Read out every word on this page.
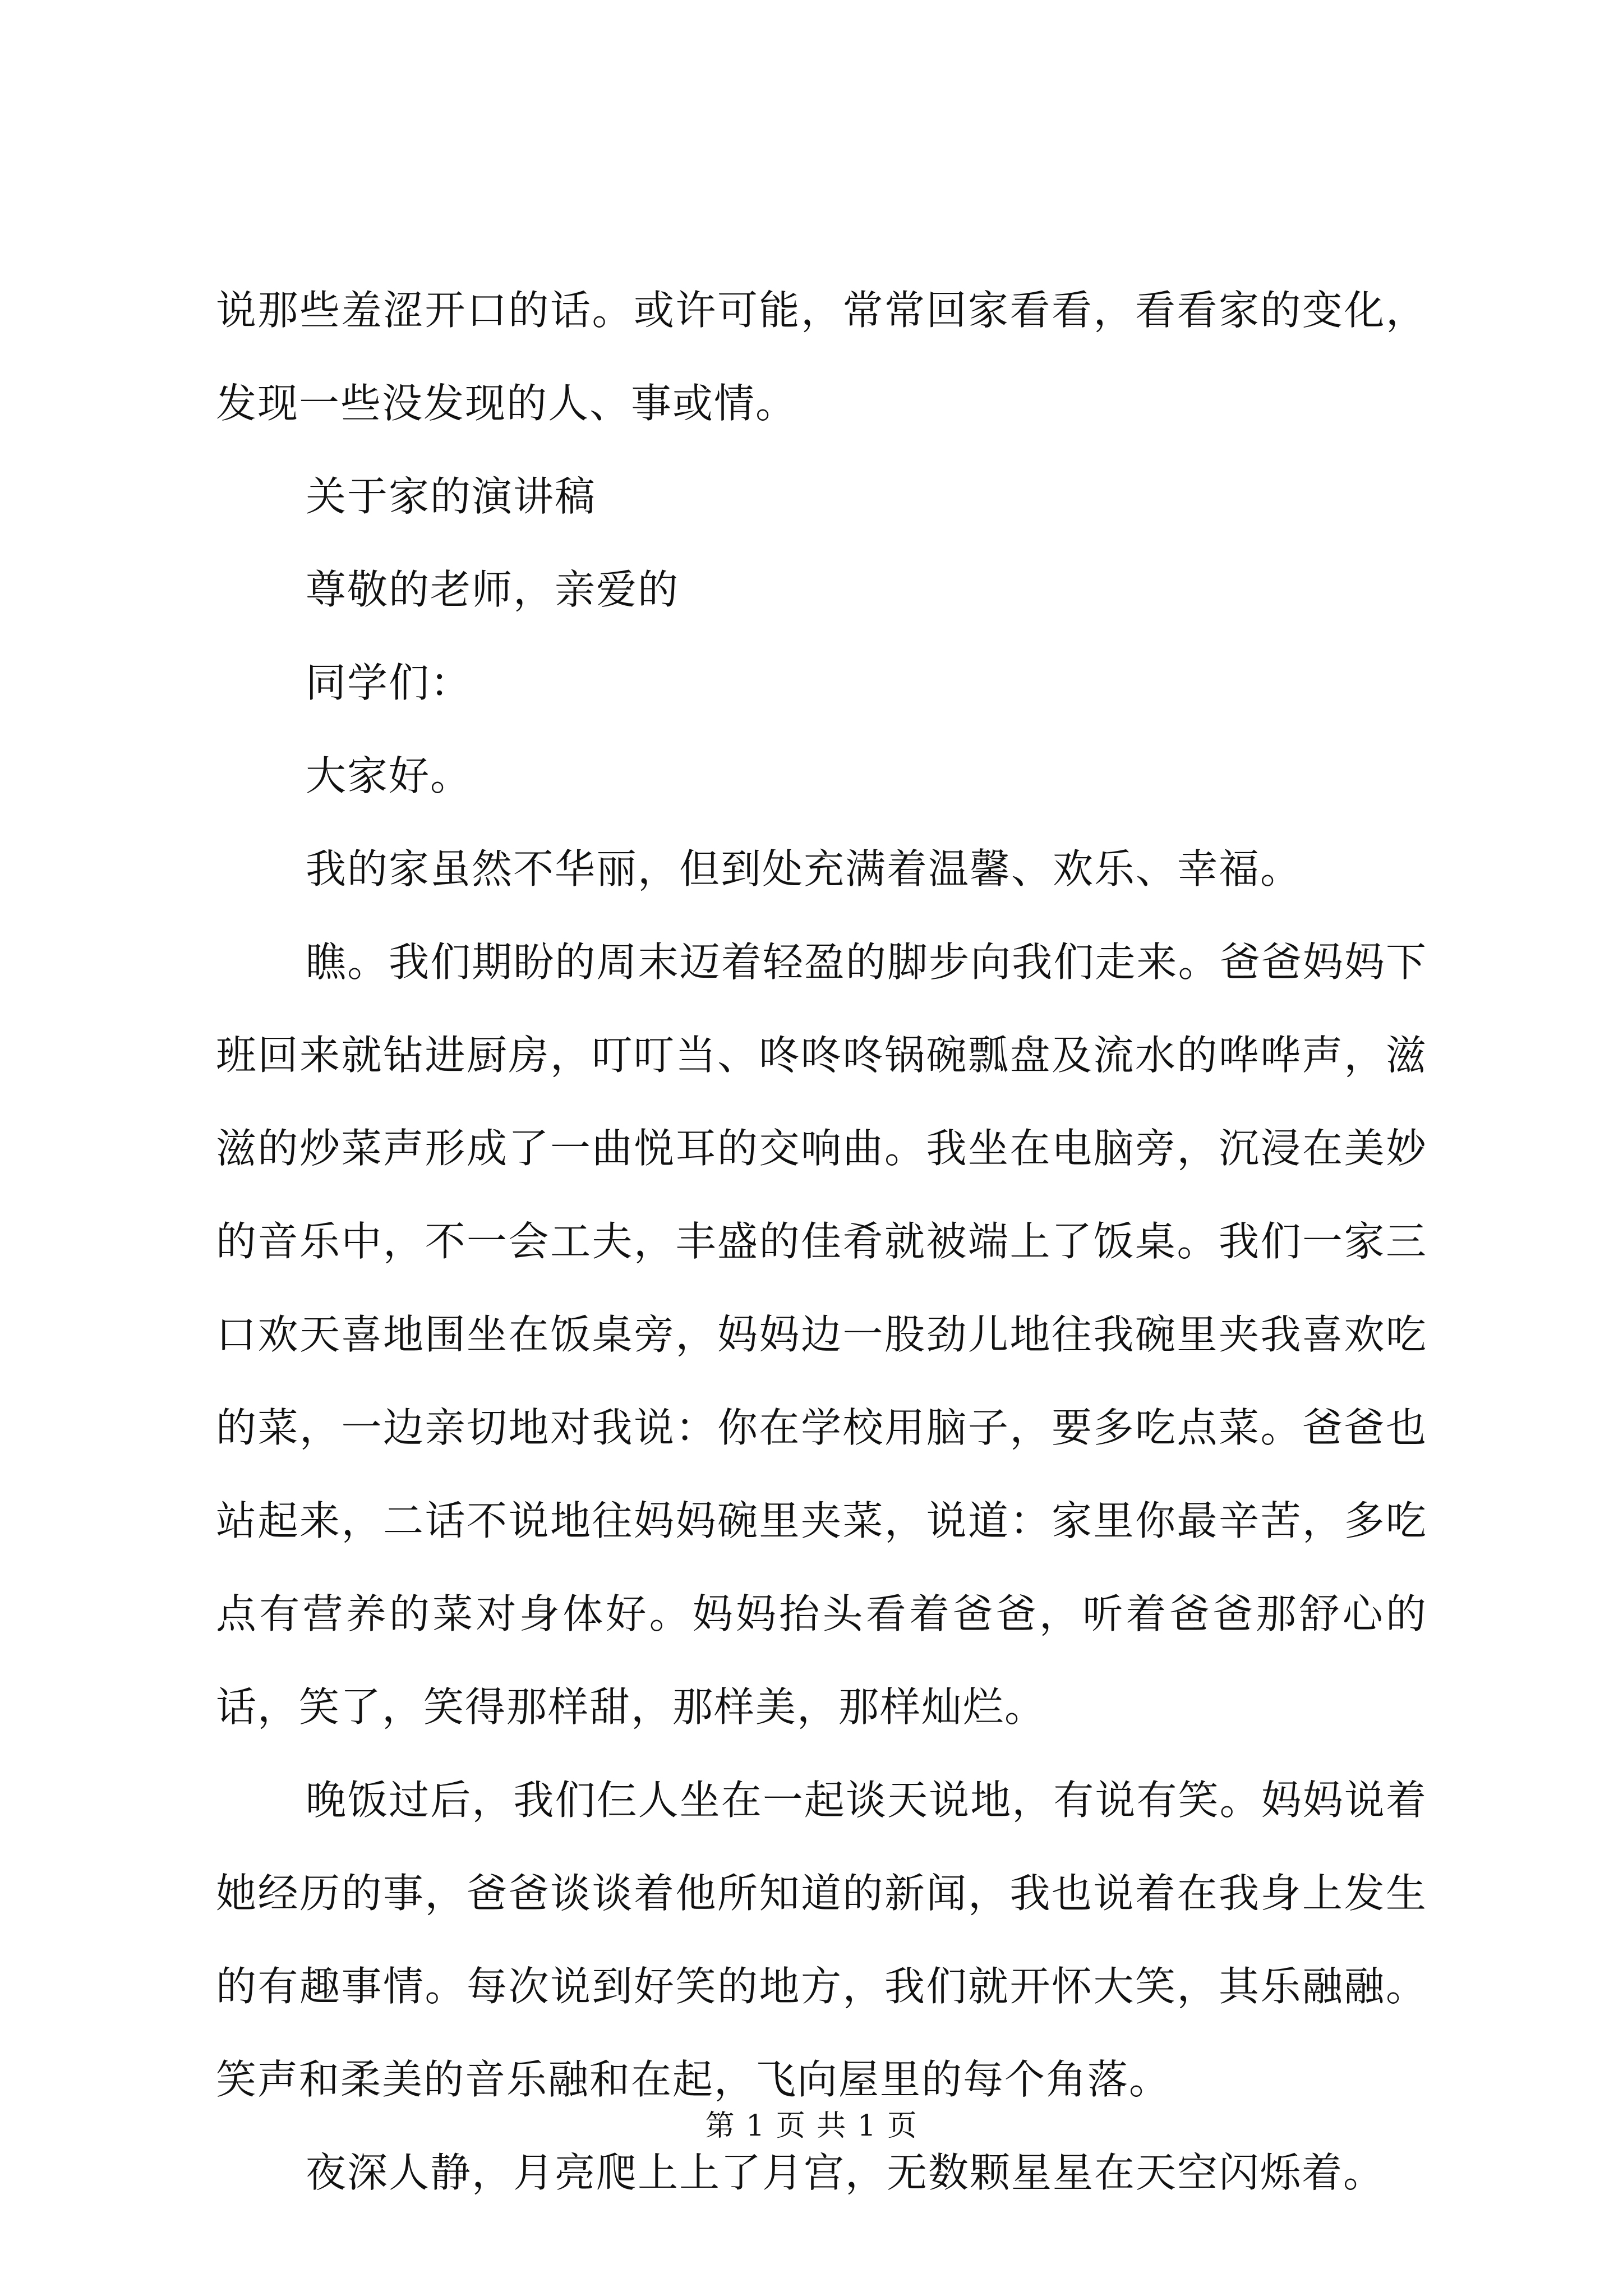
说那些羞涩开口的话。或许可能，常常回家看看，看看家的变化，发现一些没发现的人、事或情。

关于家的演讲稿

尊敬的老师，亲爱的

同学们：

大家好。

我的家虽然不华丽，但到处充满着温馨、欢乐、幸福。

瞧。我们期盼的周末迈着轻盈的脚步向我们走来。爸爸妈妈下班回来就钻进厨房，叮叮当、咚咚咚锅碗瓢盘及流水的哗哗声，滋滋的炒菜声形成了一曲悦耳的交响曲。我坐在电脑旁，沉浸在美妙的音乐中，不一会工夫，丰盛的佳肴就被端上了饭桌。我们一家三口欢天喜地围坐在饭桌旁，妈妈边一股劲儿地往我碗里夹我喜欢吃的菜，一边亲切地对我说：你在学校用脑子，要多吃点菜。爸爸也站起来，二话不说地往妈妈碗里夹菜，说道：家里你最辛苦，多吃点有营养的菜对身体好。妈妈抬头看着爸爸，听着爸爸那舒心的话，笑了，笑得那样甜，那样美，那样灿烂。

晚饭过后，我们仨人坐在一起谈天说地，有说有笑。妈妈说着她经历的事，爸爸谈谈着他所知道的新闻，我也说着在我身上发生的有趣事情。每次说到好笑的地方，我们就开怀大笑，其乐融融。笑声和柔美的音乐融和在起，飞向屋里的每个角落。

夜深人静，月亮爬上上了月宫，无数颗星星在天空闪烁着。

第 1 页 共 1 页
